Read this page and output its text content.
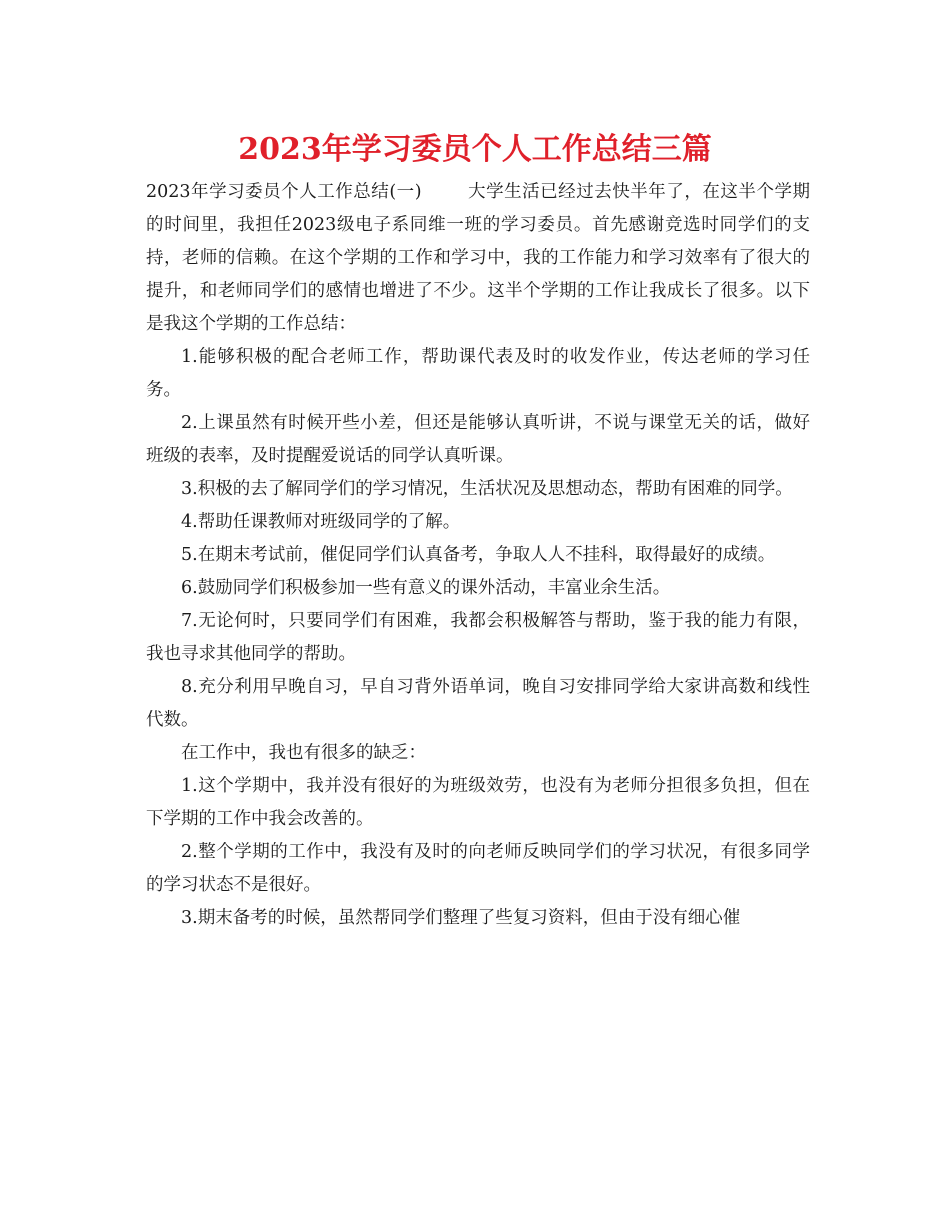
2023年学习委员个人工作总结三篇

2023年学习委员个人工作总结(一)	大学生活已经过去快半年了，在这半个学期的时间里，我担任2023级电子系同维一班的学习委员。首先感谢竞选时同学们的支持，老师的信赖。在这个学期的工作和学习中，我的工作能力和学习效率有了很大的提升，和老师同学们的感情也增进了不少。这半个学期的工作让我成长了很多。以下是我这个学期的工作总结：

1.能够积极的配合老师工作，帮助课代表及时的收发作业，传达老师的学习任务。

2.上课虽然有时候开些小差，但还是能够认真听讲，不说与课堂无关的话，做好班级的表率，及时提醒爱说话的同学认真听课。

3.积极的去了解同学们的学习情况，生活状况及思想动态，帮助有困难的同学。

4.帮助任课教师对班级同学的了解。

5.在期末考试前，催促同学们认真备考，争取人人不挂科，取得最好的成绩。

6.鼓励同学们积极参加一些有意义的课外活动，丰富业余生活。

7.无论何时，只要同学们有困难，我都会积极解答与帮助，鉴于我的能力有限，我也寻求其他同学的帮助。

8.充分利用早晚自习，早自习背外语单词，晚自习安排同学给大家讲高数和线性代数。

在工作中，我也有很多的缺乏：

1.这个学期中，我并没有很好的为班级效劳，也没有为老师分担很多负担，但在下学期的工作中我会改善的。

2.整个学期的工作中，我没有及时的向老师反映同学们的学习状况，有很多同学的学习状态不是很好。

3.期末备考的时候，虽然帮同学们整理了些复习资料，但由于没有细心催
